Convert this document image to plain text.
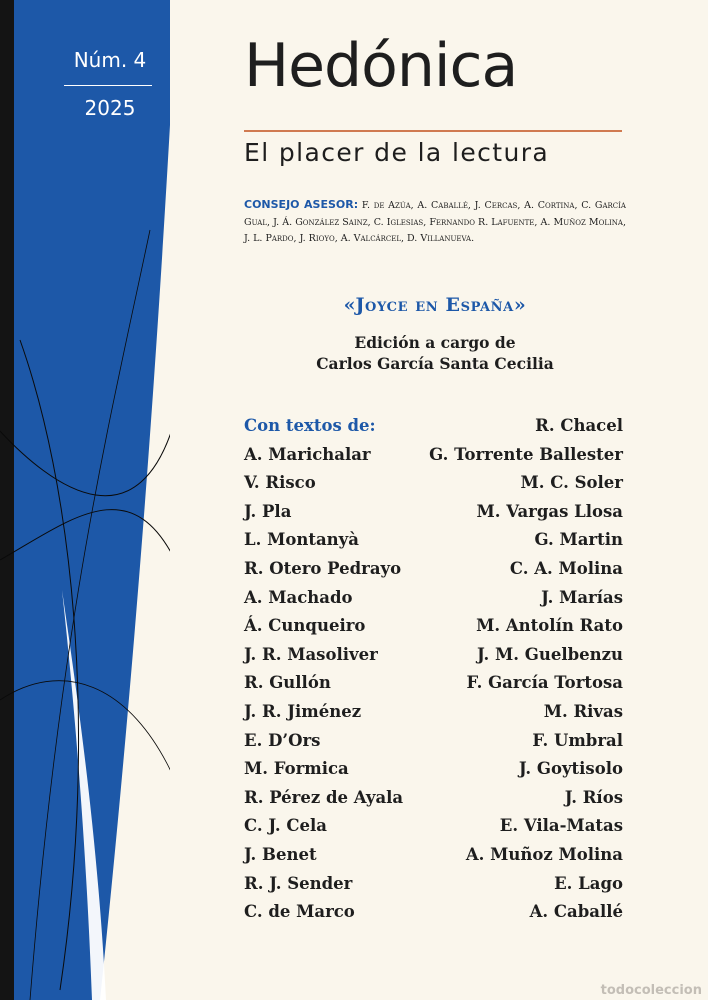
Núm. 4
2025
Hedónica
El placer de la lectura
CONSEJO ASESOR: F. de Azúa, A. Caballé, J. Cercas, A. Cortina, C. García Gual, J. Á. González Sainz, C. Iglesias, Fernando R. Lafuente, A. Muñoz Molina, J. L. Pardo, J. Rioyo, A. Valcárcel, D. Villanueva.
«Joyce en España»
Edición a cargo de
Carlos García Santa Cecilia
Con textos de:
A. Marichalar
V. Risco
J. Pla
L. Montanyà
R. Otero Pedrayo
A. Machado
Á. Cunqueiro
J. R. Masoliver
R. Gullón
J. R. Jiménez
E. D’Ors
M. Formica
R. Pérez de Ayala
C. J. Cela
J. Benet
R. J. Sender
C. de Marco
R. Chacel
G. Torrente Ballester
M. C. Soler
M. Vargas Llosa
G. Martin
C. A. Molina
J. Marías
M. Antolín Rato
J. M. Guelbenzu
F. García Tortosa
M. Rivas
F. Umbral
J. Goytisolo
J. Ríos
E. Vila-Matas
A. Muñoz Molina
E. Lago
A. Caballé
todocoleccion
